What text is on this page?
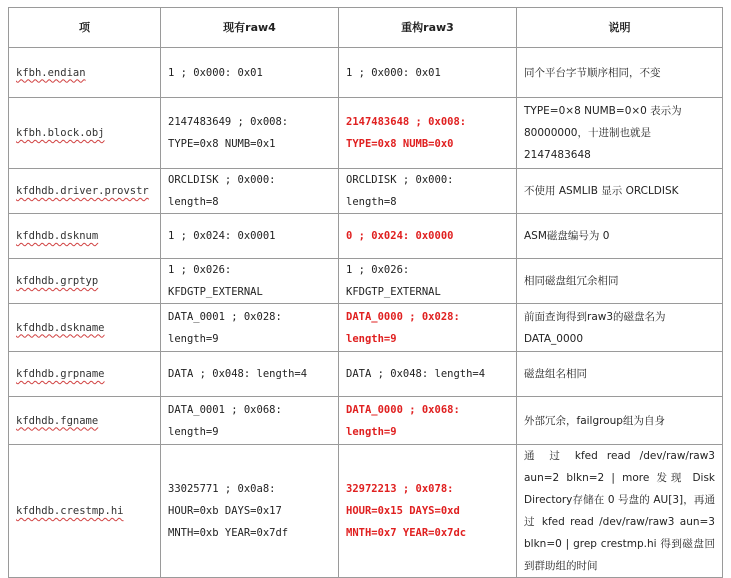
项	现有raw4	重构raw3	说明
kfbh.endian	1 ; 0x000: 0x01	1 ; 0x000: 0x01	同个平台字节顺序相同，不变
kfbh.block.obj	2147483649 ; 0x008: TYPE=0x8 NUMB=0x1	2147483648 ; 0x008: TYPE=0x8 NUMB=0x0	TYPE=0×8 NUMB=0×0 表示为 80000000，十进制也就是 2147483648
kfdhdb.driver.provstr	ORCLDISK ; 0x000: length=8	ORCLDISK ; 0x000: length=8	不使用 ASMLIB 显示 ORCLDISK
kfdhdb.dsknum	1 ; 0x024: 0x0001	0 ; 0x024: 0x0000	ASM磁盘编号为 0
kfdhdb.grptyp	1 ; 0x026: KFDGTP_EXTERNAL	1 ; 0x026: KFDGTP_EXTERNAL	相同磁盘组冗余相同
kfdhdb.dskname	DATA_0001 ; 0x028: length=9	DATA_0000 ; 0x028: length=9	前面查询得到raw3的磁盘名为 DATA_0000
kfdhdb.grpname	DATA ; 0x048: length=4	DATA ; 0x048: length=4	磁盘组名相同
kfdhdb.fgname	DATA_0001 ; 0x068: length=9	DATA_0000 ; 0x068: length=9	外部冗余，failgroup组为自身
kfdhdb.crestmp.hi	33025771 ; 0x0a8: HOUR=0xb DAYS=0x17 MNTH=0xb YEAR=0x7df	32972213 ; 0x078: HOUR=0x15 DAYS=0xd MNTH=0x7 YEAR=0x7dc	通 过 kfed read /dev/raw/raw3 aun=2 blkn=2 | more 发现 Disk Directory存储在 0 号盘的 AU[3]，再通过 kfed read /dev/raw/raw3 aun=3 blkn=0 | grep crestmp.hi 得到磁盘回到群助组的时间
